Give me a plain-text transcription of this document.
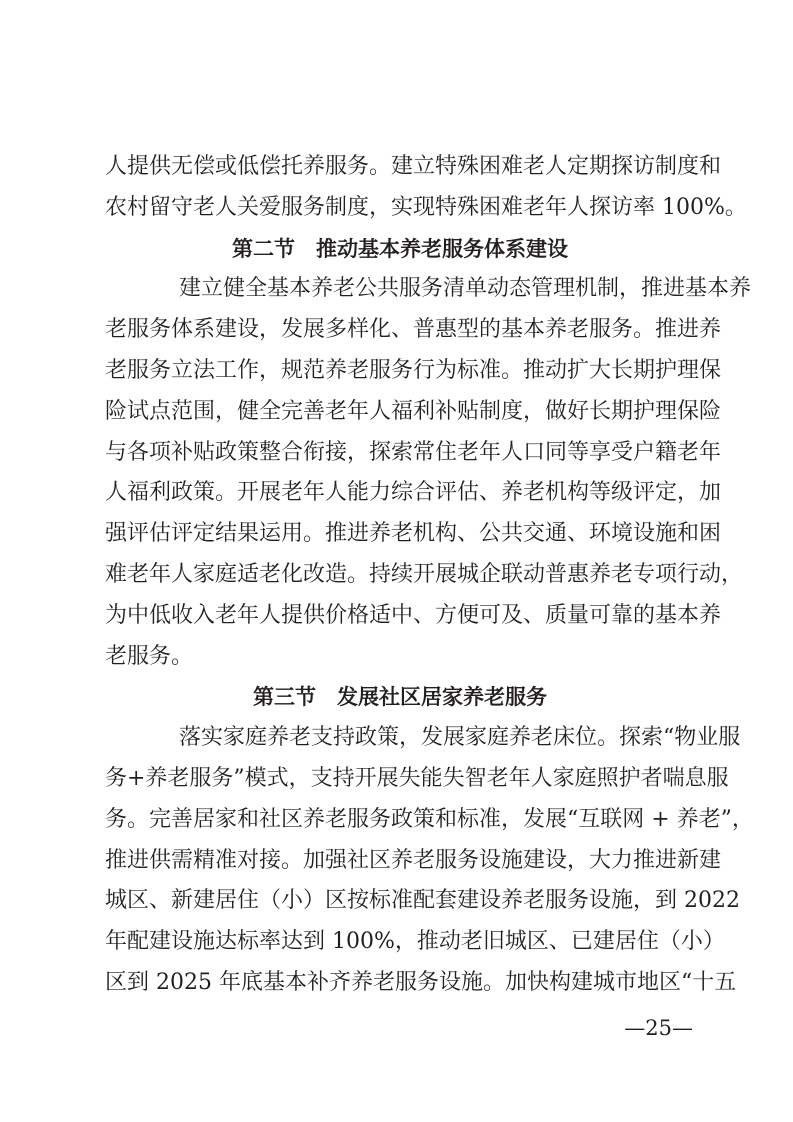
人提供无偿或低偿托养服务。建立特殊困难老人定期探访制度和
农村留守老人关爱服务制度，实现特殊困难老年人探访率 100%。
第二节　推动基本养老服务体系建设
建立健全基本养老公共服务清单动态管理机制，推进基本养
老服务体系建设，发展多样化、普惠型的基本养老服务。推进养
老服务立法工作，规范养老服务行为标准。推动扩大长期护理保
险试点范围，健全完善老年人福利补贴制度，做好长期护理保险
与各项补贴政策整合衔接，探索常住老年人口同等享受户籍老年
人福利政策。开展老年人能力综合评估、养老机构等级评定，加
强评估评定结果运用。推进养老机构、公共交通、环境设施和困
难老年人家庭适老化改造。持续开展城企联动普惠养老专项行动，
为中低收入老年人提供价格适中、方便可及、质量可靠的基本养
老服务。
第三节　发展社区居家养老服务
落实家庭养老支持政策，发展家庭养老床位。探索“物业服
务+养老服务”模式，支持开展失能失智老年人家庭照护者喘息服
务。完善居家和社区养老服务政策和标准，发展“互联网 + 养老”，
推进供需精准对接。加强社区养老服务设施建设，大力推进新建
城区、新建居住（小）区按标准配套建设养老服务设施，到 2022
年配建设施达标率达到 100%，推动老旧城区、已建居住（小）
区到 2025 年底基本补齐养老服务设施。加快构建城市地区“十五
—25—
